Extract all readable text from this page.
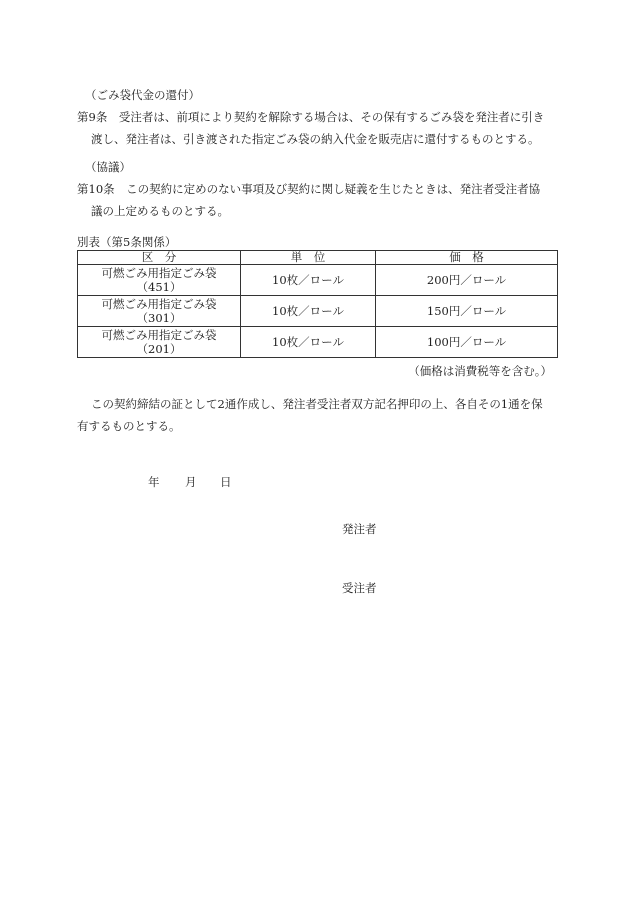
（ごみ袋代金の還付）
第9条　受注者は、前項により契約を解除する場合は、その保有するごみ袋を発注者に引き
渡し、発注者は、引き渡された指定ごみ袋の納入代金を販売店に還付するものとする。
（協議）
第10条　この契約に定めのない事項及び契約に関し疑義を生じたときは、発注者受注者協
議の上定めるものとする。
別表（第5条関係）
区　分	単　位	価　格

可燃ごみ用指定ごみ袋
（451）	10枚／ロール	200円／ロール

可燃ごみ用指定ごみ袋
（301）	10枚／ロール	150円／ロール

可燃ごみ用指定ごみ袋
（201）	10枚／ロール	100円／ロール
（価格は消費税等を含む。）
この契約締結の証として2通作成し、発注者受注者双方記名押印の上、各自その1通を保
有するものとする。
年 月 日
発注者
受注者
